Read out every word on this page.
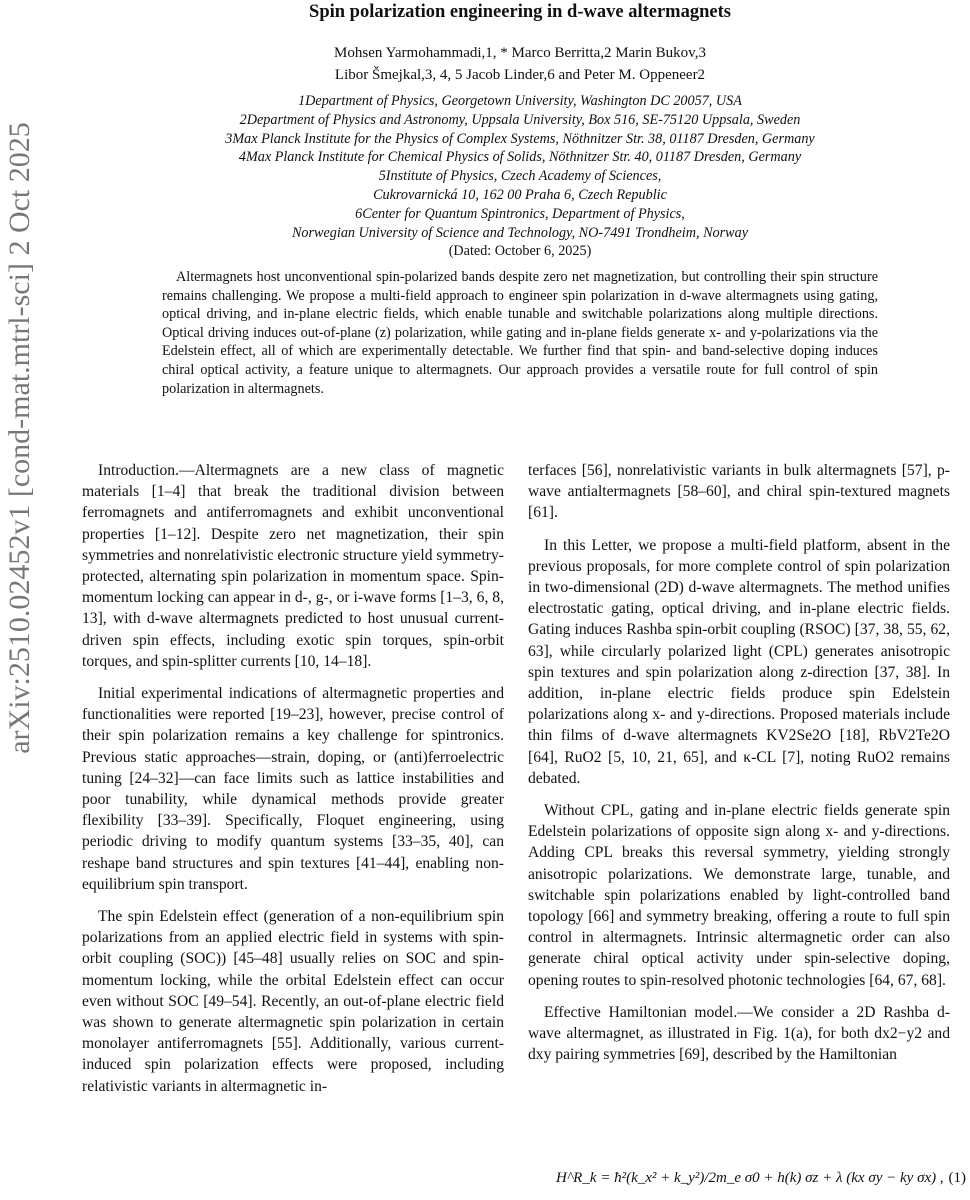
arXiv:2510.02452v1 [cond-mat.mtrl-sci] 2 Oct 2025
Spin polarization engineering in d-wave altermagnets

Mohsen Yarmohammadi,1, * Marco Berritta,2 Marin Bukov,3

Libor Šmejkal,3, 4, 5 Jacob Linder,6 and Peter M. Oppeneer2

1Department of Physics, Georgetown University, Washington DC 20057, USA

2Department of Physics and Astronomy, Uppsala University, Box 516, SE-75120 Uppsala, Sweden

3Max Planck Institute for the Physics of Complex Systems, Nöthnitzer Str. 38, 01187 Dresden, Germany

4Max Planck Institute for Chemical Physics of Solids, Nöthnitzer Str. 40, 01187 Dresden, Germany

5Institute of Physics, Czech Academy of Sciences,

Cukrovarnická 10, 162 00 Praha 6, Czech Republic

6Center for Quantum Spintronics, Department of Physics,

Norwegian University of Science and Technology, NO-7491 Trondheim, Norway

(Dated: October 6, 2025)

Altermagnets host unconventional spin-polarized bands despite zero net magnetization, but controlling their spin structure remains challenging. We propose a multi-field approach to engineer spin polarization in d-wave altermagnets using gating, optical driving, and in-plane electric fields, which enable tunable and switchable polarizations along multiple directions. Optical driving induces out-of-plane (z) polarization, while gating and in-plane fields generate x- and y-polarizations via the Edelstein effect, all of which are experimentally detectable. We further find that spin- and band-selective doping induces chiral optical activity, a feature unique to altermagnets. Our approach provides a versatile route for full control of spin polarization in altermagnets.

Introduction.—Altermagnets are a new class of magnetic materials [1–4] that break the traditional division between ferromagnets and antiferromagnets and exhibit unconventional properties [1–12]. Despite zero net magnetization, their spin symmetries and nonrelativistic electronic structure yield symmetry-protected, alternating spin polarization in momentum space. Spin-momentum locking can appear in d-, g-, or i-wave forms [1–3, 6, 8, 13], with d-wave altermagnets predicted to host unusual current-driven spin effects, including exotic spin torques, spin-orbit torques, and spin-splitter currents [10, 14–18].

Initial experimental indications of altermagnetic properties and functionalities were reported [19–23], however, precise control of their spin polarization remains a key challenge for spintronics. Previous static approaches—strain, doping, or (anti)ferroelectric tuning [24–32]—can face limits such as lattice instabilities and poor tunability, while dynamical methods provide greater flexibility [33–39]. Specifically, Floquet engineering, using periodic driving to modify quantum systems [33–35, 40], can reshape band structures and spin textures [41–44], enabling non-equilibrium spin transport.

The spin Edelstein effect (generation of a non-equilibrium spin polarizations from an applied electric field in systems with spin-orbit coupling (SOC)) [45–48] usually relies on SOC and spin-momentum locking, while the orbital Edelstein effect can occur even without SOC [49–54]. Recently, an out-of-plane electric field was shown to generate altermagnetic spin polarization in certain monolayer antiferromagnets [55]. Additionally, various current-induced spin polarization effects were proposed, including relativistic variants in altermagnetic in-

terfaces [56], nonrelativistic variants in bulk altermagnets [57], p-wave antialtermagnets [58–60], and chiral spin-textured magnets [61].

In this Letter, we propose a multi-field platform, absent in the previous proposals, for more complete control of spin polarization in two-dimensional (2D) d-wave altermagnets. The method unifies electrostatic gating, optical driving, and in-plane electric fields. Gating induces Rashba spin-orbit coupling (RSOC) [37, 38, 55, 62, 63], while circularly polarized light (CPL) generates anisotropic spin textures and spin polarization along z-direction [37, 38]. In addition, in-plane electric fields produce spin Edelstein polarizations along x- and y-directions. Proposed materials include thin films of d-wave altermagnets KV2Se2O [18], RbV2Te2O [64], RuO2 [5, 10, 21, 65], and κ-CL [7], noting RuO2 remains debated.

Without CPL, gating and in-plane electric fields generate spin Edelstein polarizations of opposite sign along x- and y-directions. Adding CPL breaks this reversal symmetry, yielding strongly anisotropic polarizations. We demonstrate large, tunable, and switchable spin polarizations enabled by light-controlled band topology [66] and symmetry breaking, offering a route to full spin control in altermagnets. Intrinsic altermagnetic order can also generate chiral optical activity under spin-selective doping, opening routes to spin-resolved photonic technologies [64, 67, 68].

Effective Hamiltonian model.—We consider a 2D Rashba d-wave altermagnet, as illustrated in Fig. 1(a), for both dx2−y2 and dxy pairing symmetries [69], described by the Hamiltonian

H^R_k = ħ²(k_x² + k_y²)/2m_e σ0 + h(k) σz + λ (kx σy − ky σx) , (1)
